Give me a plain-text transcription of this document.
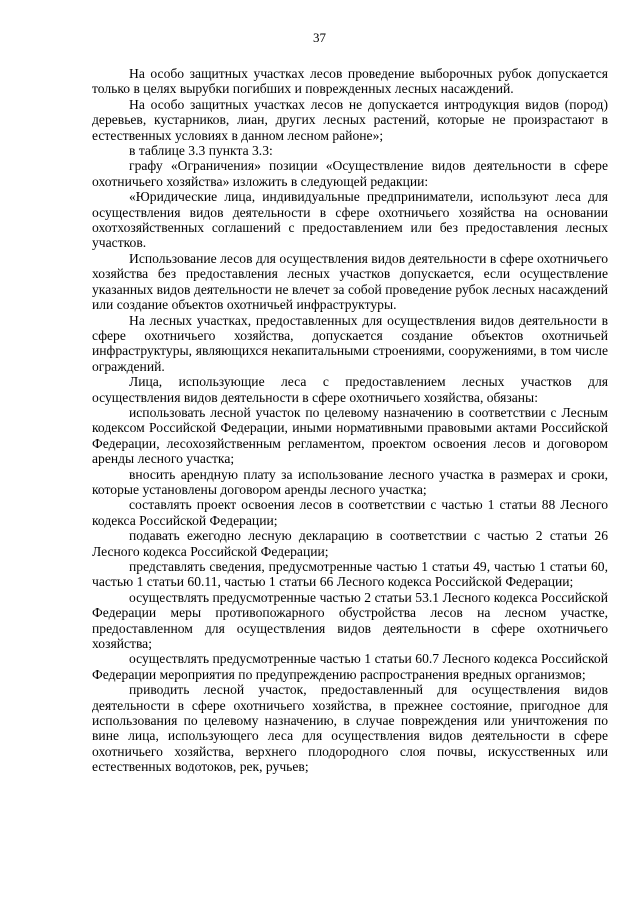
37

На особо защитных участках лесов проведение выборочных рубок допускается только в целях вырубки погибших и поврежденных лесных насаждений.

На особо защитных участках лесов не допускается интродукция видов (пород) деревьев, кустарников, лиан, других лесных растений, которые не произрастают в естественных условиях в данном лесном районе»;

в таблице 3.3 пункта 3.3:

графу «Ограничения» позиции «Осуществление видов деятельности в сфере охотничьего хозяйства» изложить в следующей редакции:

«Юридические лица, индивидуальные предприниматели, используют леса для осуществления видов деятельности в сфере охотничьего хозяйства на основании охотхозяйственных соглашений с предоставлением или без предоставления лесных участков.

Использование лесов для осуществления видов деятельности в сфере охотничьего хозяйства без предоставления лесных участков допускается, если осуществление указанных видов деятельности не влечет за собой проведение рубок лесных насаждений или создание объектов охотничьей инфраструктуры.

На лесных участках, предоставленных для осуществления видов деятельности в сфере охотничьего хозяйства, допускается создание объектов охотничьей инфраструктуры, являющихся некапитальными строениями, сооружениями, в том числе ограждений.

Лица, использующие леса с предоставлением лесных участков для осуществления видов деятельности в сфере охотничьего хозяйства, обязаны:

использовать лесной участок по целевому назначению в соответствии с Лесным кодексом Российской Федерации, иными нормативными правовыми актами Российской Федерации, лесохозяйственным регламентом, проектом освоения лесов и договором аренды лесного участка;

вносить арендную плату за использование лесного участка в размерах и сроки, которые установлены договором аренды лесного участка;

составлять проект освоения лесов в соответствии с частью 1 статьи 88 Лесного кодекса Российской Федерации;

подавать ежегодно лесную декларацию в соответствии с частью 2 статьи 26 Лесного кодекса Российской Федерации;

представлять сведения, предусмотренные частью 1 статьи 49, частью 1 статьи 60, частью 1 статьи 60.11, частью 1 статьи 66 Лесного кодекса Российской Федерации;

осуществлять предусмотренные частью 2 статьи 53.1 Лесного кодекса Российской Федерации меры противопожарного обустройства лесов на лесном участке, предоставленном для осуществления видов деятельности в сфере охотничьего хозяйства;

осуществлять предусмотренные частью 1 статьи 60.7 Лесного кодекса Российской Федерации мероприятия по предупреждению распространения вредных организмов;

приводить лесной участок, предоставленный для осуществления видов деятельности в сфере охотничьего хозяйства, в прежнее состояние, пригодное для использования по целевому назначению, в случае повреждения или уничтожения по вине лица, использующего леса для осуществления видов деятельности в сфере охотничьего хозяйства, верхнего плодородного слоя почвы, искусственных или естественных водотоков, рек, ручьев;
